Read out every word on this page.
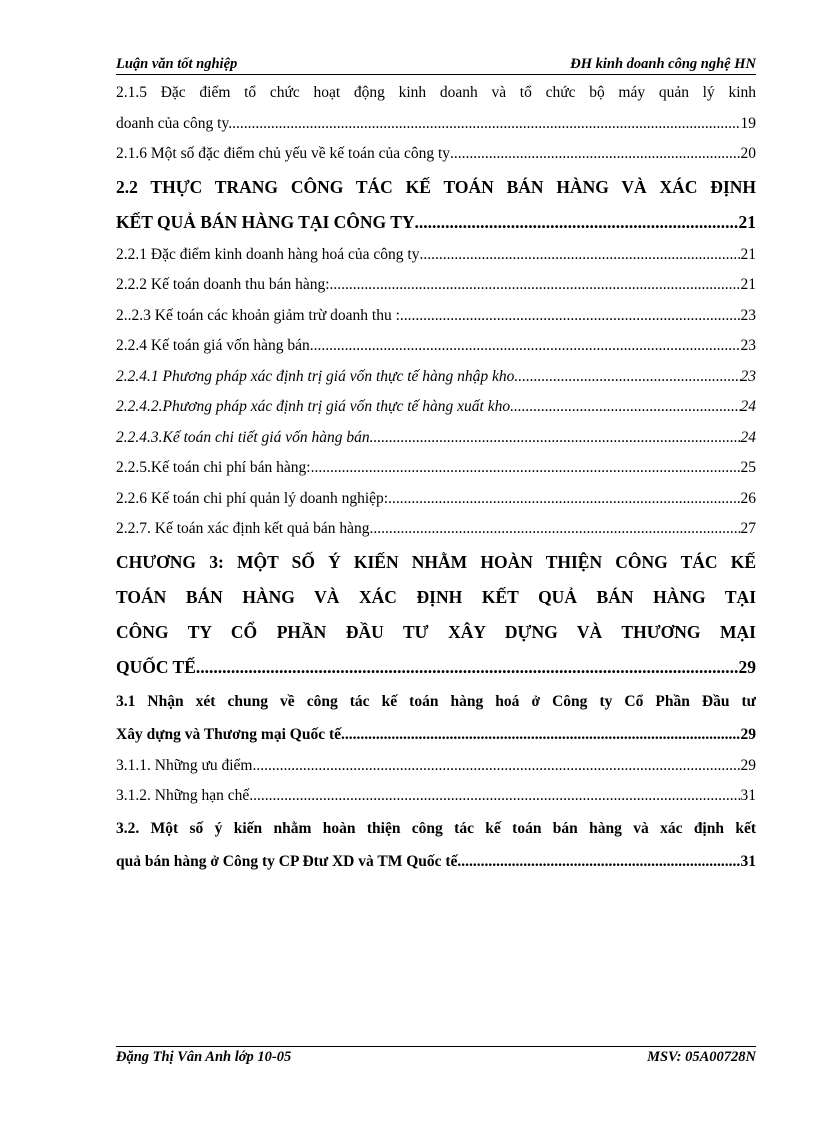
Luận văn tốt nghiệp	ĐH kinh doanh công nghệ HN
2.1.5 Đặc điểm tổ chức hoạt động kinh doanh và tổ chức bộ máy quản lý kinh
doanh của công ty. .....	19
2.1.6 Một số đặc điểm chủ yếu về kế toán của công ty .....	20
2.2 THỰC TRANG CÔNG TÁC KẾ TOÁN BÁN HÀNG VÀ XÁC ĐỊNH
KẾT QUẢ BÁN HÀNG TẠI CÔNG TY .....	21
2.2.1 Đặc điểm kinh doanh hàng hoá của công ty .....	21
2.2.2 Kế toán doanh thu bán hàng: .....	21
2..2.3 Kế toán các khoản giảm trừ doanh thu : .....	23
2.2.4 Kế toán giá vốn hàng bán .....	23
2.2.4.1 Phương pháp xác định trị giá vốn thực tế hàng nhập kho .....	23
2.2.4.2.Phương pháp xác định trị giá vốn thực tế hàng xuất kho .....	24
2.2.4.3.Kế toán chi tiết giá vốn hàng bán .....	24
2.2.5.Kế toán chi phí bán hàng: .....	25
2.2.6 Kế toán chi phí quản lý doanh nghiệp: .....	26
2.2.7. Kế toán xác định kết quả bán hàng .....	27
CHƯƠNG 3: MỘT SỐ Ý KIẾN NHẰM HOÀN THIỆN CÔNG TÁC KẾ
TOÁN BÁN HÀNG VÀ XÁC ĐỊNH KẾT QUẢ BÁN HÀNG TẠI
CÔNG TY CỔ PHẦN ĐẦU TƯ XÂY DỰNG VÀ THƯƠNG MẠI
QUỐC TẾ .....	29
3.1 Nhận xét chung về công tác kế toán hàng hoá ở Công ty Cổ Phần Đầu tư
Xây dựng và Thương mại Quốc tế .....	29
3.1.1. Những ưu điểm .....	29
3.1.2. Những hạn chế .....	31
3.2. Một số ý kiến nhằm hoàn thiện công tác kế toán bán hàng và xác định kết
quả bán hàng ở Công ty CP Đtư XD và TM Quốc tế .....	31
Đặng Thị Vân Anh lớp 10-05	MSV: 05A00728N
